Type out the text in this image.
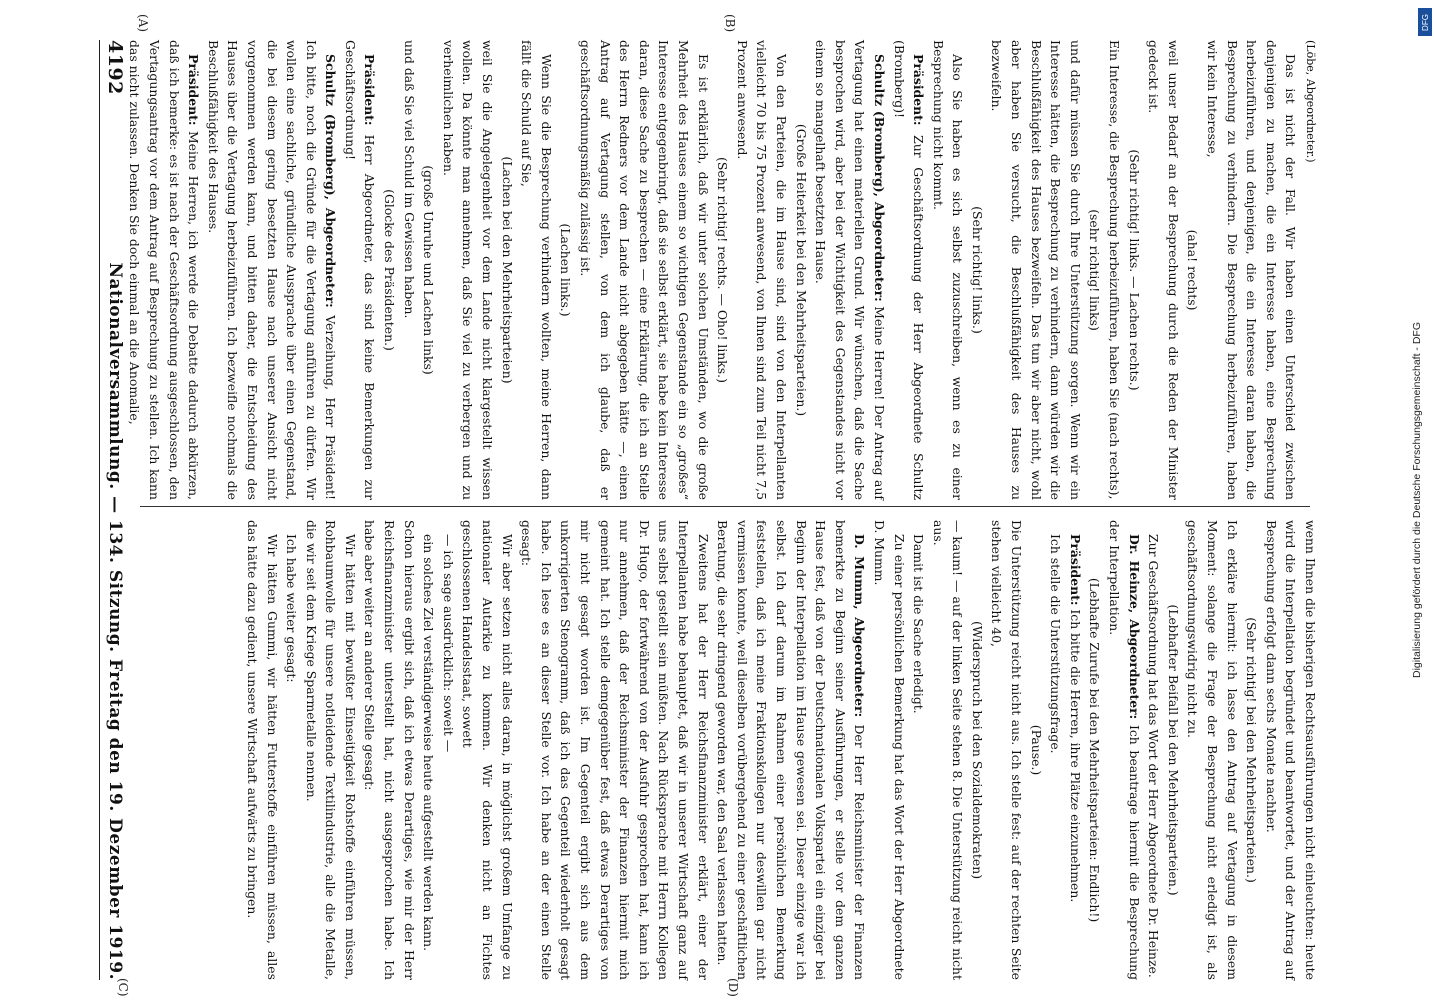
(Löbe, Abgeordneter.)

Das ist nicht der Fall. Wir haben einen Unterschied zwischen denjenigen zu machen, die ein Interesse haben, eine Besprechung herbeizuführen, und denjenigen, die ein Interesse daran haben, die Besprechung zu verhindern. Die Besprechung herbeizuführen, haben wir kein Interesse,

(aha! rechts)

weil unser Bedarf an der Besprechung durch die Reden der Minister gedeckt ist.

(Sehr richtig! links. — Lachen rechts.)

Ein Interesse, die Besprechung herbeizuführen, haben Sie (nach rechts),

(sehr richtig! links)

und dafür müssen Sie durch Ihre Unterstützung sorgen. Wenn wir ein Interesse hätten, die Besprechung zu verhindern, dann würden wir die Beschlußfähigkeit des Hauses bezweifeln. Das tun wir aber nicht, wohl aber haben Sie versucht, die Beschlußfähigkeit des Hauses zu bezweifeln.

(Sehr richtig! links.)

Also Sie haben es sich selbst zuzuschreiben, wenn es zu einer Besprechung nicht kommt.

Präsident: Zur Geschäftsordnung der Herr Abgeordnete Schultz (Bromberg)!

Schultz (Bromberg), Abgeordneter: Meine Herren! Der Antrag auf Vertagung hat einen materiellen Grund. Wir wünschen, daß die Sache besprochen wird, aber bei der Wichtigkeit des Gegenstandes nicht vor einem so mangelhaft besetzten Hause.

(Große Heiterkeit bei den Mehrheitsparteien.)

Von den Parteien, die im Hause sind, sind von den Interpellanten vielleicht 70 bis 75 Prozent anwesend, von Ihnen sind zum Teil nicht 7,5 Prozent anwesend.

(Sehr richtig! rechts. — Oho! links.)

Es ist erklärlich, daß wir unter solchen Umständen, wo die große Mehrheit des Hauses einem so wichtigen Gegenstande ein so „großes“ Interesse entgegenbringt, daß sie selbst erklärt, sie habe kein Interesse daran, diese Sache zu besprechen — eine Erklärung, die ich an Stelle des Herrn Redners vor dem Lande nicht abgegeben hätte —, einen Antrag auf Vertagung stellen, von dem ich glaube, daß er geschäftsordnungsmäßig zulässig ist.

(Lachen links.)

Wenn Sie die Besprechung verhindern wollten, meine Herren, dann fällt die Schuld auf Sie,

(Lachen bei den Mehrheitsparteien)

weil Sie die Angelegenheit vor dem Lande nicht klargestellt wissen wollen. Da könnte man annehmen, daß Sie viel zu verbergen und zu verheimlichen haben.

(große Unruhe und Lachen links)

und daß Sie viel Schuld im Gewissen haben.

(Glocke des Präsidenten.)

Präsident: Herr Abgeordneter, das sind keine Bemerkungen zur Geschäftsordnung!

Schultz (Bromberg), Abgeordneter: Verzeihung, Herr Präsident! Ich bitte, noch die Gründe für die Vertagung anführen zu dürfen. Wir wollen eine sachliche, gründliche Aussprache über einen Gegenstand, die bei diesem gering besetzten Hause nach unserer Ansicht nicht vorgenommen werden kann, und bitten daher, die Entscheidung des Hauses über die Vertagung herbeizuführen. Ich bezweifle nochmals die Beschlußfähigkeit des Hauses.

Präsident: Meine Herren, ich werde die Debatte dadurch abkürzen, daß ich bemerke: es ist nach der Geschäftsordnung ausgeschlossen, den Vertagungsantrag vor dem Antrag auf Besprechung zu stellen. Ich kann das nicht zulassen. Denken Sie doch einmal an die Anomalie,

wenn Ihnen die bisherigen Rechtsausführungen nicht einleuchten: heute wird die Interpellation begründet und beantwortet, und der Antrag auf Besprechung erfolgt dann sechs Monate nachher.

(Sehr richtig! bei den Mehrheitsparteien.)

Ich erkläre hiermit: ich lasse den Antrag auf Vertagung in diesem Moment: solange die Frage der Besprechung nicht erledigt ist, als geschäftsordnungswidrig nicht zu.

(Lebhafter Beifall bei den Mehrheitsparteien.)

Zur Geschäftsordnung hat das Wort der Herr Abgeordnete Dr. Heinze.

Dr. Heinze, Abgeordneter: Ich beantrage hiermit die Besprechung der Interpellation.

(Lebhafte Zurufe bei den Mehrheitsparteien: Endlich!)

Präsident: Ich bitte die Herren, ihre Plätze einzunehmen.

Ich stelle die Unterstützungsfrage.

(Pause.)

Die Unterstützung reicht nicht aus. Ich stelle fest: auf der rechten Seite stehen vielleicht 40,

(Widerspruch bei den Sozialdemokraten)

— kaum! — auf der linken Seite stehen 8. Die Unterstützung reicht nicht aus.

Damit ist die Sache erledigt.

Zu einer persönlichen Bemerkung hat das Wort der Herr Abgeordnete D. Mumm.

D. Mumm, Abgeordneter: Der Herr Reichsminister der Finanzen bemerkte zu Beginn seiner Ausführungen, er stelle vor dem ganzen Hause fest, daß von der Deutschnationalen Volkspartei ein einziger bei Beginn der Interpellation im Hause gewesen sei. Dieser einzige war ich selbst. Ich darf darum im Rahmen einer persönlichen Bemerkung feststellen, daß ich meine Fraktionskollegen nur deswillen gar nicht vermissen konnte, weil dieselben vorübergehend zu einer geschäftlichen Beratung, die sehr dringend geworden war, den Saal verlassen hatten.

Zweitens hat der Herr Reichsfinanzminister erklärt, einer der Interpellanten habe behauptet, daß wir in unserer Wirtschaft ganz auf uns selbst gestellt sein müßten. Nach Rücksprache mit Herrn Kollegen Dr. Hugo, der fortwährend von der Ausfuhr gesprochen hat, kann ich nur annehmen, daß der Reichsminister der Finanzen hiermit mich gemeint hat. Ich stelle demgegenüber fest, daß etwas Derartiges von mir nicht gesagt worden ist. Im Gegenteil ergibt sich aus dem unkorrigierten Stenogramm, daß ich das Gegenteil wiederholt gesagt habe. Ich lese es an dieser Stelle vor. Ich habe an der einen Stelle gesagt:

Wir aber setzen nicht alles daran, in möglichst großem Umfange zu nationaler Autarkie zu kommen. Wir denken nicht an Fichtes geschlossenen Handelsstaat, sowett

— ich sage ausdrücklich: soweit —

ein solches Ziel verständigerweise heute aufgestellt werden kann.

Schon hieraus ergibt sich, daß ich etwas Derartiges, wie mir der Herr Reichsfinanzminister unterstellt hat, nicht ausgesprochen habe. Ich habe aber weiter an anderer Stelle gesagt:

Wir hätten mit bewußter Einseitigkeit Rohstoffe einführen müssen, Rohbaumwolle für unsere notleidende Textilindustrie, alle die Metalle, die wir seit dem Kriege Sparmetalle nennen.

Ich habe weiter gesagt:

Wir hätten Gummi, wir hätten Futterstoffe einführen müssen, alles das hätte dazu gedient, unsere Wirtschaft aufwärts zu bringen.

4192
Nationalversammlung. — 134. Sitzung. Freitag den 19. Dezember 1919.
(A)	(B)
(C)	(D)
Digitalisierung gefördert durch die Deutsche Forschungsgemeinschaft - DFG
DFG
